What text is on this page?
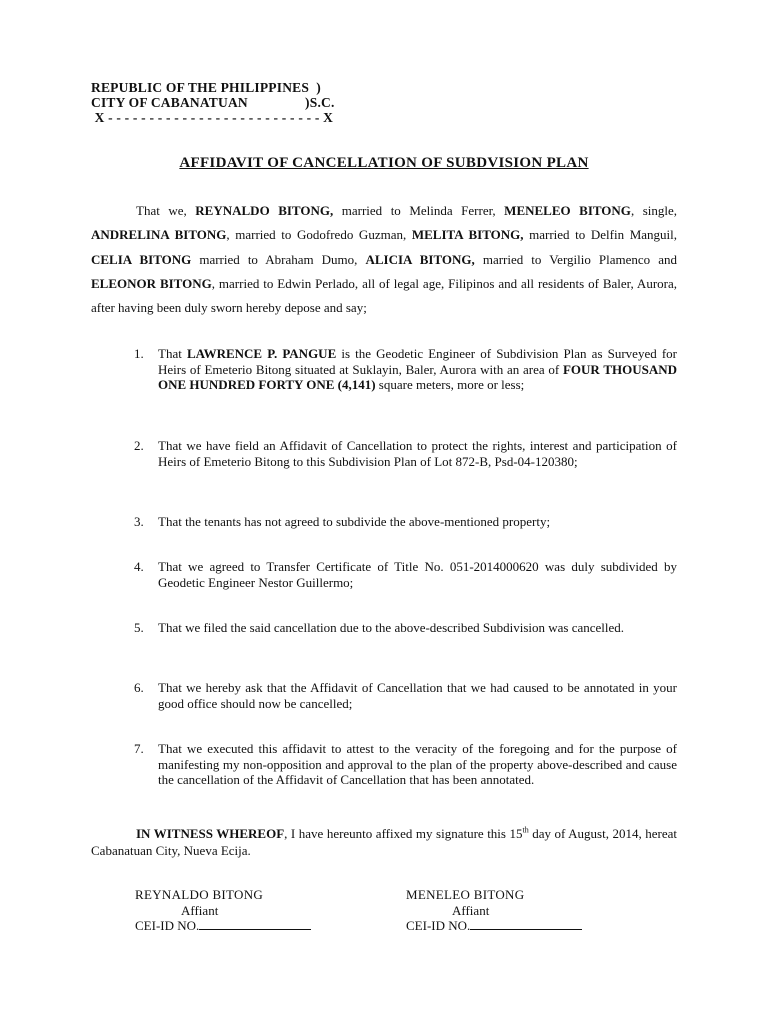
REPUBLIC OF THE PHILIPPINES  )
CITY OF CABANATUAN                )S.C.
X - - - - - - - - - - - - - - - - - - - - - - - - - - X
AFFIDAVIT OF CANCELLATION OF SUBDVISION PLAN
That we, REYNALDO BITONG, married to Melinda Ferrer, MENELEO BITONG, single, ANDRELINA BITONG, married to Godofredo Guzman, MELITA BITONG, married to Delfin Manguil, CELIA BITONG married to Abraham Dumo, ALICIA BITONG, married to Vergilio Plamenco and ELEONOR BITONG, married to Edwin Perlado, all of legal age, Filipinos and all residents of Baler, Aurora, after having been duly sworn hereby depose and say;
1. That LAWRENCE P. PANGUE is the Geodetic Engineer of Subdivision Plan as Surveyed for Heirs of Emeterio Bitong situated at Suklayin, Baler, Aurora with an area of FOUR THOUSAND ONE HUNDRED FORTY ONE (4,141) square meters, more or less;
2. That we have field an Affidavit of Cancellation to protect the rights, interest and participation of Heirs of Emeterio Bitong to this Subdivision Plan of Lot 872-B, Psd-04-120380;
3. That the tenants has not agreed to subdivide the above-mentioned property;
4. That we agreed to Transfer Certificate of Title No. 051-2014000620 was duly subdivided by Geodetic Engineer Nestor Guillermo;
5. That we filed the said cancellation due to the above-described Subdivision was cancelled.
6. That we hereby ask that the Affidavit of Cancellation that we had caused to be annotated in your good office should now be cancelled;
7. That we executed this affidavit to attest to the veracity of the foregoing and for the purpose of manifesting my non-opposition and approval to the plan of the property above-described and cause the cancellation of the Affidavit of Cancellation that has been annotated.
IN WITNESS WHEREOF, I have hereunto affixed my signature this 15th day of August, 2014, hereat Cabanatuan City, Nueva Ecija.
REYNALDO BITONG
Affiant
CEI-ID NO.
MENELEO BITONG
Affiant
CEI-ID NO.
